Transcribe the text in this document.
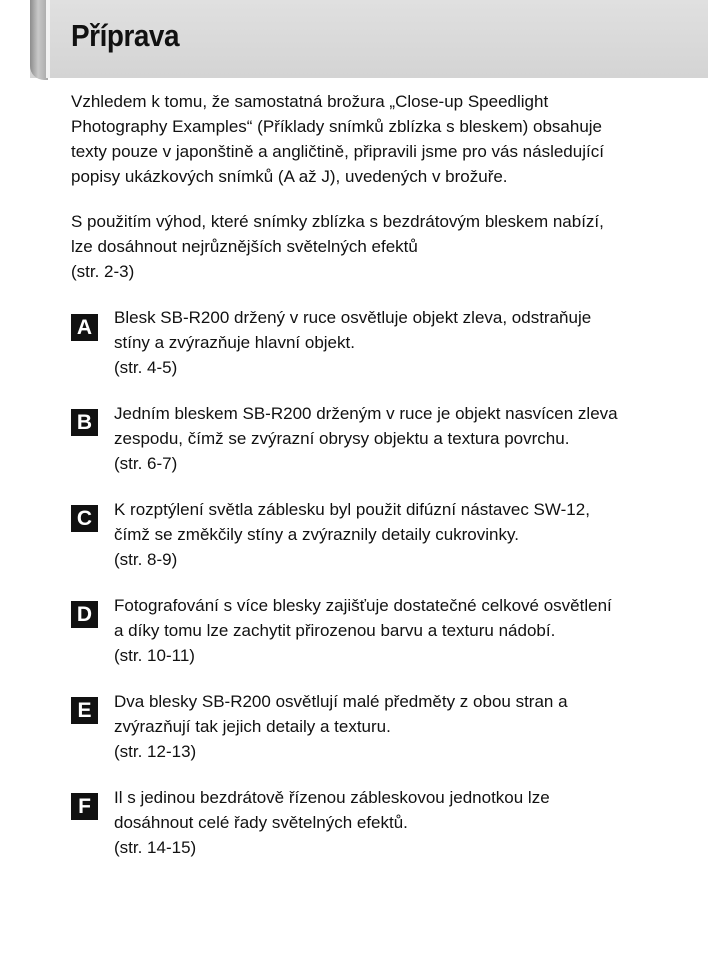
Příprava

Vzhledem k tomu, že samostatná brožura „Close-up Speedlight
Photography Examples“ (Příklady snímků zblízka s bleskem) obsahuje
texty pouze v japonštině a angličtině, připravili jsme pro vás následující
popisy ukázkových snímků (A až J), uvedených v brožuře.

S použitím výhod, které snímky zblízka s bezdrátovým bleskem nabízí,
lze dosáhnout nejrůznějších světelných efektů
(str. 2-3)

A	Blesk SB-R200 držený v ruce osvětluje objekt zleva, odstraňuje
stíny a zvýrazňuje hlavní objekt.
(str. 4-5)

B	Jedním bleskem SB-R200 drženým v ruce je objekt nasvícen zleva
zespodu, čímž se zvýrazní obrysy objektu a textura povrchu.
(str. 6-7)

C	K rozptýlení světla záblesku byl použit difúzní nástavec SW-12,
čímž se změkčily stíny a zvýraznily detaily cukrovinky.
(str. 8-9)

D	Fotografování s více blesky zajišťuje dostatečné celkové osvětlení
a díky tomu lze zachytit přirozenou barvu a texturu nádobí.
(str. 10-11)

E	Dva blesky SB-R200 osvětlují malé předměty z obou stran a
zvýrazňují tak jejich detaily a texturu.
(str. 12-13)

F	Il s jedinou bezdrátově řízenou zábleskovou jednotkou lze
dosáhnout celé řady světelných efektů.
(str. 14-15)
